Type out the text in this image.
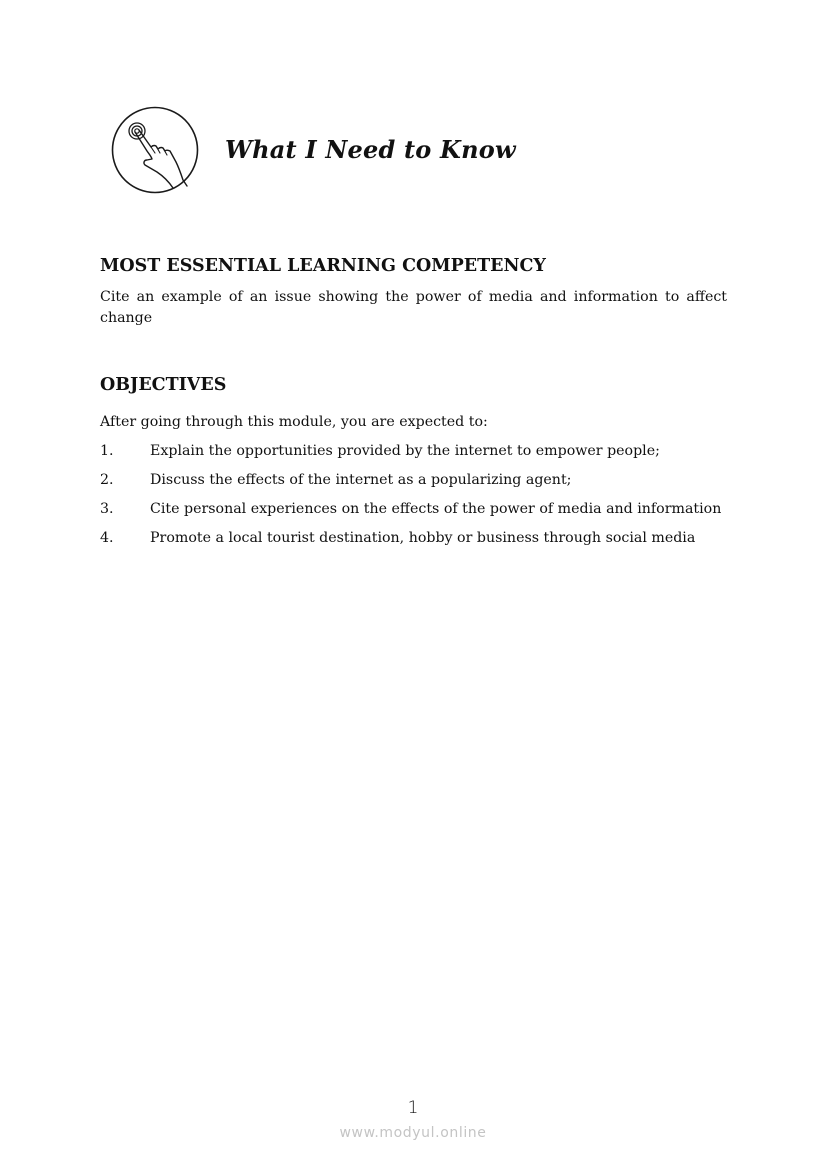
What I Need to Know
MOST ESSENTIAL LEARNING COMPETENCY
Cite an example of an issue showing the power of media and information to affect change
OBJECTIVES
After going through this module, you are expected to:
1.	Explain the opportunities provided by the internet to empower people;
2.	Discuss the effects of the internet as a popularizing agent;
3.	Cite personal experiences on the effects of the power of media and information
4.	Promote a local tourist destination, hobby or business through social media
1
www.modyul.online
